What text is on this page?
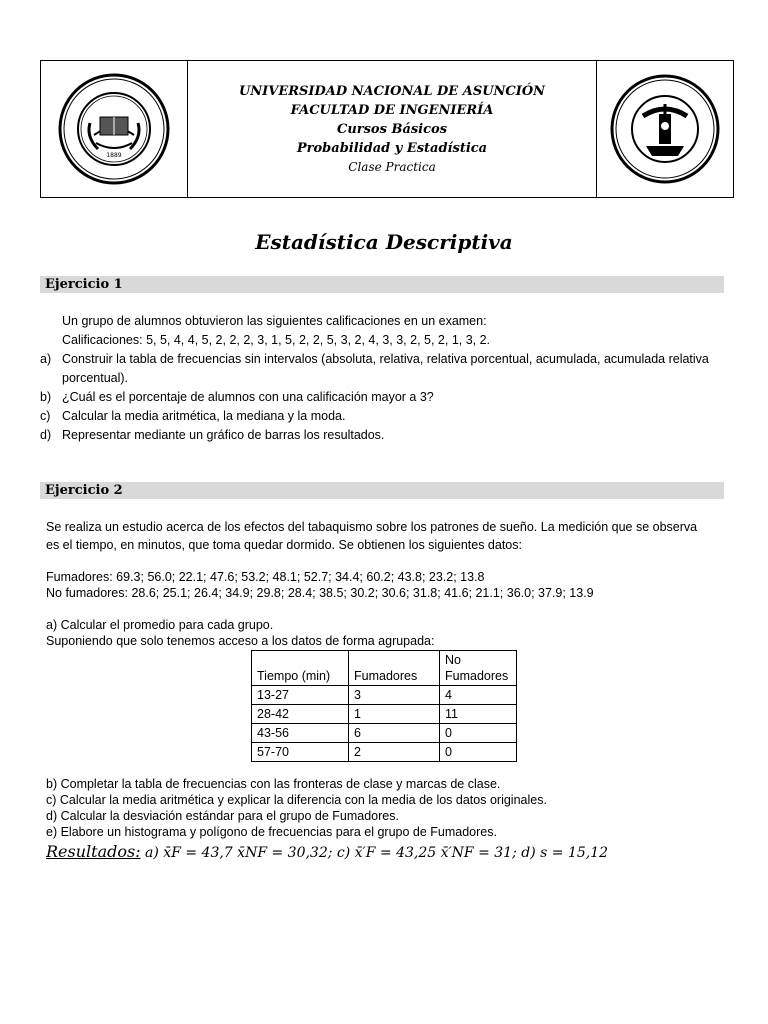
1889
UNIVERSIDAD NACIONAL DE ASUNCIÓN
FACULTAD DE INGENIERÍA
Cursos Básicos
Probabilidad y Estadística
Clase Practica
Estadística Descriptiva
Ejercicio 1
Un grupo de alumnos obtuvieron las siguientes calificaciones en un examen:
Calificaciones: 5, 5, 4, 4, 5, 2, 2, 2, 3, 1, 5, 2, 2, 5, 3, 2, 4, 3, 3, 2, 5, 2, 1, 3, 2.
a) Construir la tabla de frecuencias sin intervalos (absoluta, relativa, relativa porcentual, acumulada, acumulada relativa porcentual).
b) ¿Cuál es el porcentaje de alumnos con una calificación mayor a 3?
c) Calcular la media aritmética, la mediana y la moda.
d) Representar mediante un gráfico de barras los resultados.
Ejercicio 2
Se realiza un estudio acerca de los efectos del tabaquismo sobre los patrones de sueño. La medición que se observa
es el tiempo, en minutos, que toma quedar dormido. Se obtienen los siguientes datos:
Fumadores: 69.3; 56.0; 22.1; 47.6; 53.2; 48.1; 52.7; 34.4; 60.2; 43.8; 23.2; 13.8
No fumadores: 28.6; 25.1; 26.4; 34.9; 29.8; 28.4; 38.5; 30.2; 30.6; 31.8; 41.6; 21.1; 36.0; 37.9; 13.9
a) Calcular el promedio para cada grupo.
Suponiendo que solo tenemos acceso a los datos de forma agrupada:
Tiempo (min)	Fumadores	No Fumadores
13-27	3	4
28-42	1	11
43-56	6	0
57-70	2	0
b) Completar la tabla de frecuencias con las fronteras de clase y marcas de clase.
c) Calcular la media aritmética y explicar la diferencia con la media de los datos originales.
d) Calcular la desviación estándar para el grupo de Fumadores.
e) Elabore un histograma y polígono de frecuencias para el grupo de Fumadores.
Resultados: a) x̄F = 43,7 x̄NF = 30,32; c) x̄′F = 43,25 x̄′NF = 31; d) s = 15,12
